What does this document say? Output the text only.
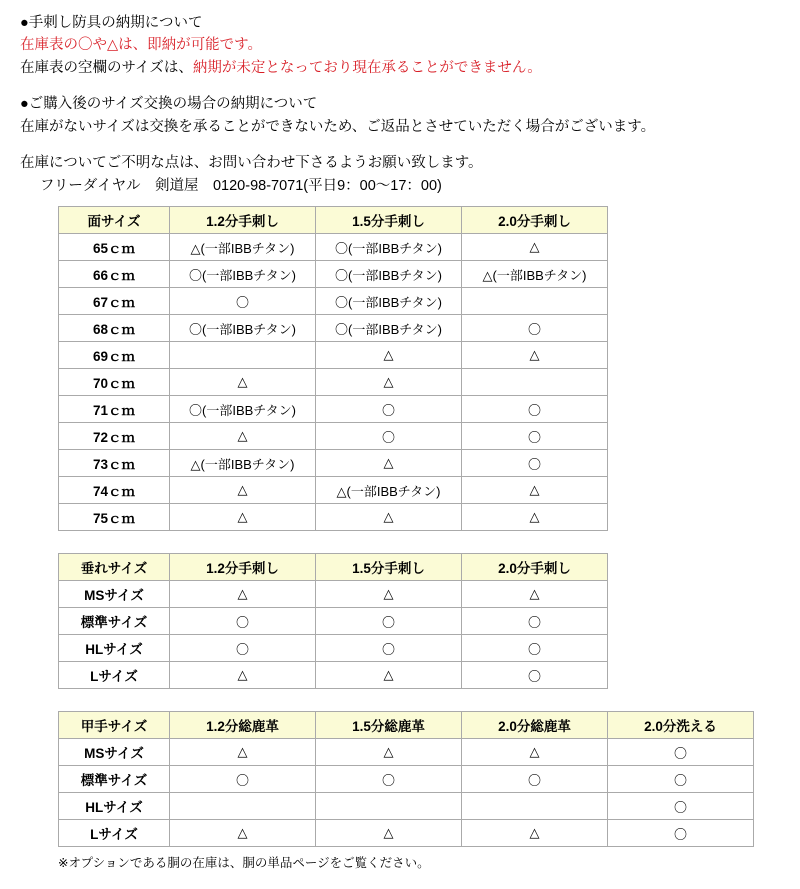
●手刺し防具の納期について
在庫表の〇や△は、即納が可能です。
在庫表の空欄のサイズは、納期が未定となっており現在承ることができません。
●ご購入後のサイズ交換の場合の納期について
在庫がないサイズは交換を承ることができないため、ご返品とさせていただく場合がございます。
在庫についてご不明な点は、お問い合わせ下さるようお願い致します。
フリーダイヤル　剣道屋　0120-98-7071(平日9：00〜17：00)
面サイズ	1.2分手刺し	1.5分手刺し	2.0分手刺し
65ｃｍ	△(一部IBBチタン)	〇(一部IBBチタン)	△
66ｃｍ	〇(一部IBBチタン)	〇(一部IBBチタン)	△(一部IBBチタン)
67ｃｍ	〇	〇(一部IBBチタン)	
68ｃｍ	〇(一部IBBチタン)	〇(一部IBBチタン)	〇
69ｃｍ		△	△
70ｃｍ	△	△	
71ｃｍ	〇(一部IBBチタン)	〇	〇
72ｃｍ	△	〇	〇
73ｃｍ	△(一部IBBチタン)	△	〇
74ｃｍ	△	△(一部IBBチタン)	△
75ｃｍ	△	△	△
垂れサイズ	1.2分手刺し	1.5分手刺し	2.0分手刺し
MSサイズ	△	△	△
標準サイズ	〇	〇	〇
HLサイズ	〇	〇	〇
Lサイズ	△	△	〇
甲手サイズ	1.2分総鹿革	1.5分総鹿革	2.0分総鹿革	2.0分洗える
MSサイズ	△	△	△	〇
標準サイズ	〇	〇	〇	〇
HLサイズ				〇
Lサイズ	△	△	△	〇
※オプションである胴の在庫は、胴の単品ページをご覧ください。
